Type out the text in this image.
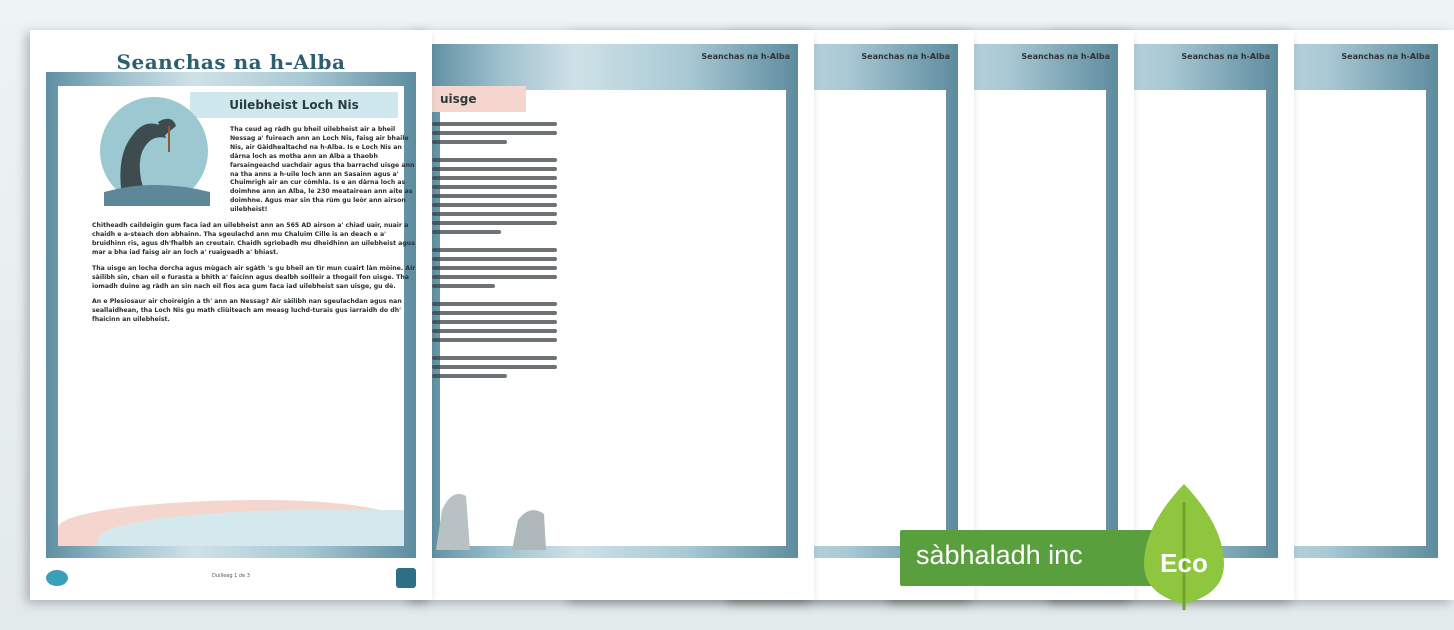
Seanchas na h-Alba
Seanchas na h-Alba
Seanchas na h-Alba
Seanchas na h-Alba
Seanchas na h-Alba
uisge
Seanchas na h-Alba
Uilebheist Loch Nis

Tha ceud ag ràdh gu bheil uilebheist air a bheil Nessag a' fuireach ann an Loch Nis, faisg air bhaile Nis, air Gàidhealtachd na h-Alba. Is e Loch Nis an dàrna loch as motha ann an Alba a thaobh farsaingeachd uachdair agus tha barrachd uisge ann na tha anns a h-uile loch ann an Sasainn agus a' Chuimrigh air an cur còmhla. Is e an dàrna loch as doimhne ann an Alba, le 230 meatairean ann aite as doimhne. Agus mar sin tha rùm gu leòr ann airson uilebheist!

Chìtheadh caildeigin gum faca iad an uilebheist ann an 565 AD airson a' chiad uair, nuair a chaidh e a-steach don abhainn. Tha sgeulachd ann mu Chaluim Cille is an deach e a' bruidhinn ris, agus dh'fhalbh an creutair. Chaidh sgrìobadh mu dheidhinn an uilebheist agus mar a bha iad faisg air an loch a' ruaigeadh a' bhiast.

Tha uisge an locha dorcha agus mùgach air sgàth 's gu bheil an tìr mun cuairt làn mòine. Air sàilibh sin, chan eil e furasta a bhith a' faicinn agus dealbh soilleir a thogail fon uisge. Tha iomadh duine ag ràdh an sin nach eil fios aca gum faca iad uilebheist san uisge, gu dè.

An e Plesiosaur air choireigin a th' ann an Nessag? Air sàilibh nan sgeulachdan agus nan seallaidhean, tha Loch Nis gu math cliùiteach am measg luchd-turais gus iarraidh do dh' fhaicinn an uilebheist.

Duilleag 1 de 3
sàbhaladh inc	Eco
